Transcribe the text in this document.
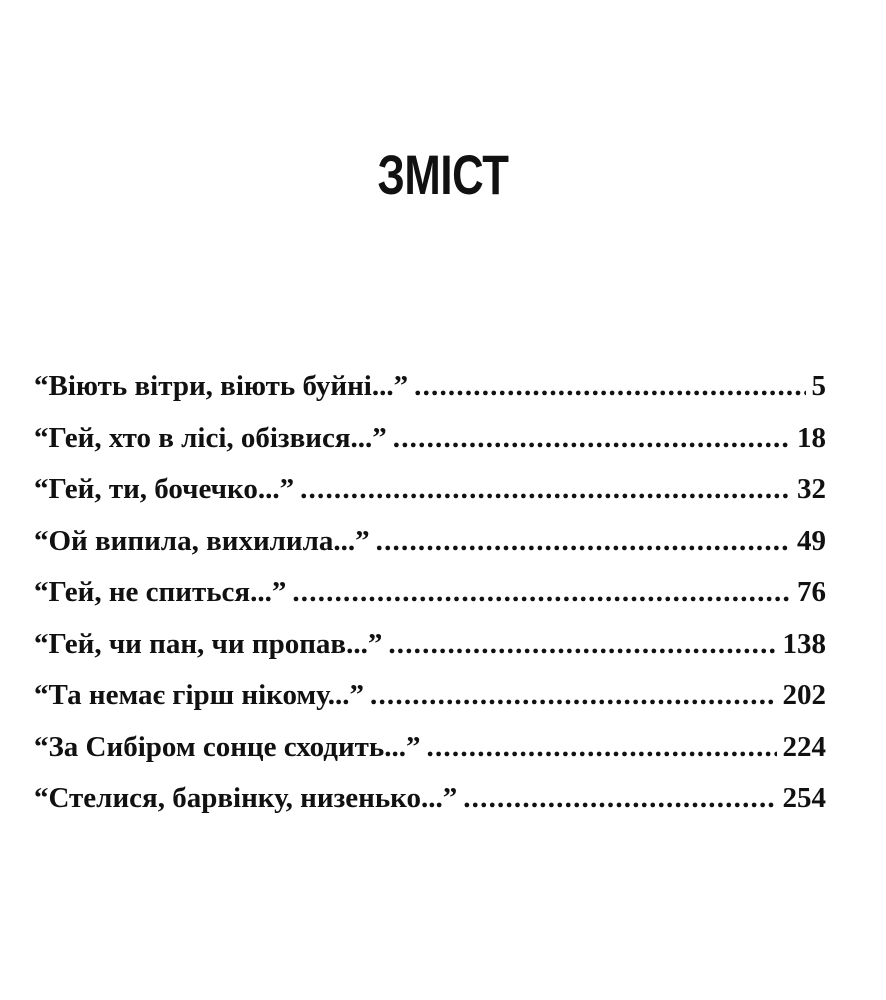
ЗМІСТ
“Віють вітри, віють буйні...” .....	5
“Гей, хто в лісі, обізвися...” .....	18
“Гей, ти, бочечко...” .....	32
“Ой випила, вихилила...” .....	49
“Гей, не спиться...” .....	76
“Гей, чи пан, чи пропав...” .....	138
“Та немає гірш нікому...” .....	202
“За Сибіром сонце сходить...” .....	224
“Стелися, барвінку, низенько...” .....	254
